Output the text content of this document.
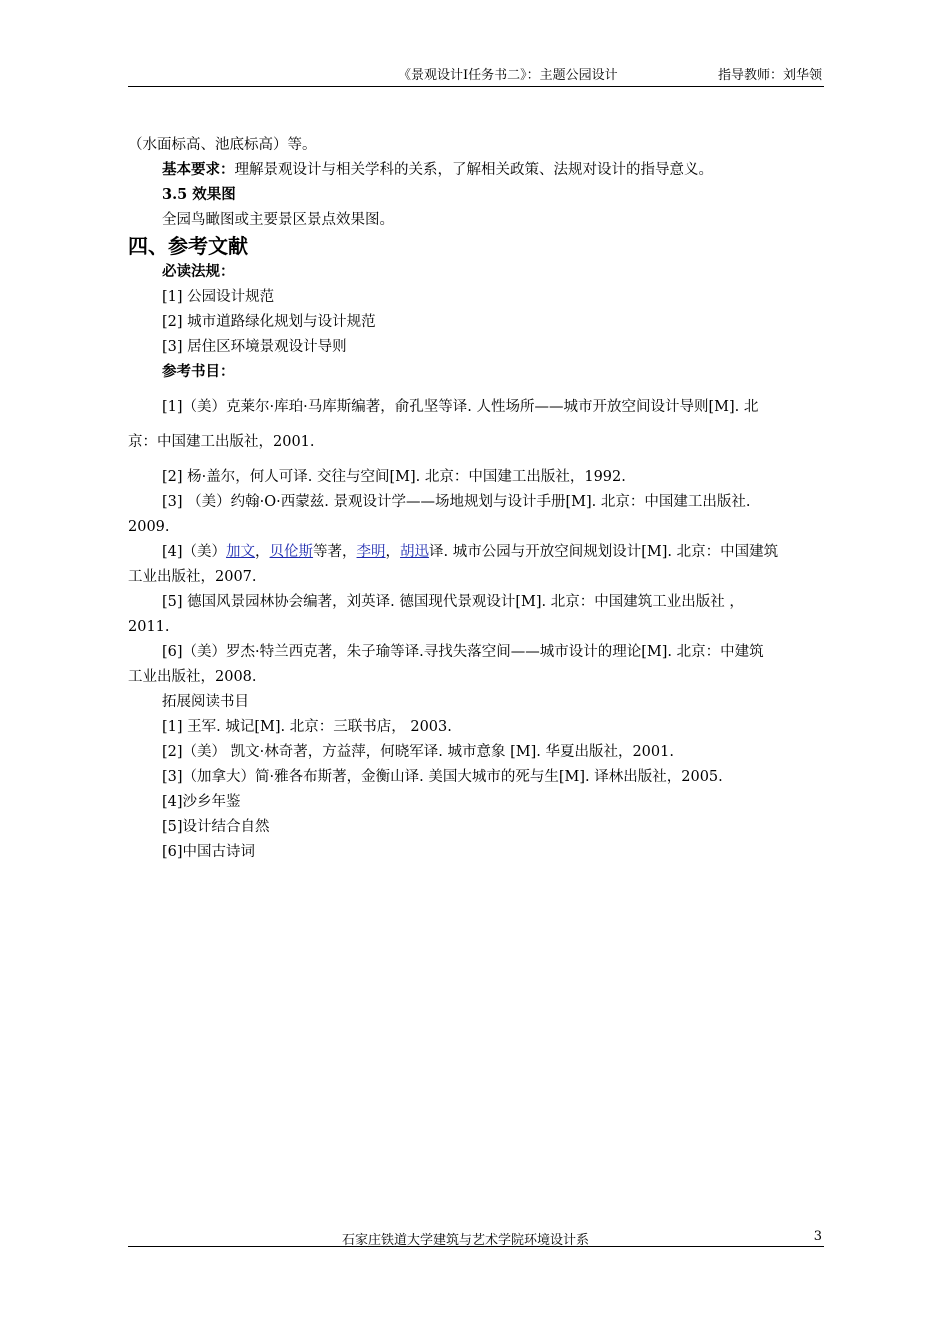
《景观设计Ⅰ任务书二》：主题公园设计	指导教师：刘华领
（水面标高、池底标高）等。
基本要求：理解景观设计与相关学科的关系，了解相关政策、法规对设计的指导意义。
3.5 效果图
全园鸟瞰图或主要景区景点效果图。
四、参考文献
必读法规：
[1] 公园设计规范
[2] 城市道路绿化规划与设计规范
[3] 居住区环境景观设计导则
参考书目：
[1]（美）克莱尔·库珀·马库斯编著，俞孔坚等译. 人性场所——城市开放空间设计导则[M]. 北
京：中国建工出版社，2001.
[2] 杨·盖尔，何人可译. 交往与空间[M]. 北京：中国建工出版社，1992.
[3] （美）约翰·O·西蒙兹. 景观设计学——场地规划与设计手册[M]. 北京：中国建工出版社.
2009.
[4]（美）加文，贝伦斯等著，李明，胡迅译. 城市公园与开放空间规划设计[M]. 北京：中国建筑
工业出版社，2007.
[5] 德国风景园林协会编著，刘英译. 德国现代景观设计[M]. 北京：中国建筑工业出版社 ，
2011.
[6]（美）罗杰·特兰西克著，朱子瑜等译.寻找失落空间——城市设计的理论[M]. 北京：中建筑
工业出版社，2008.
拓展阅读书目
[1] 王军. 城记[M]. 北京：三联书店， 2003.
[2]（美） 凯文·林奇著，方益萍，何晓军译. 城市意象 [M]. 华夏出版社，2001.
[3]（加拿大）简·雅各布斯著，金衡山译. 美国大城市的死与生[M]. 译林出版社，2005.
[4]沙乡年鉴
[5]设计结合自然
[6]中国古诗词
石家庄铁道大学建筑与艺术学院环境设计系	3
